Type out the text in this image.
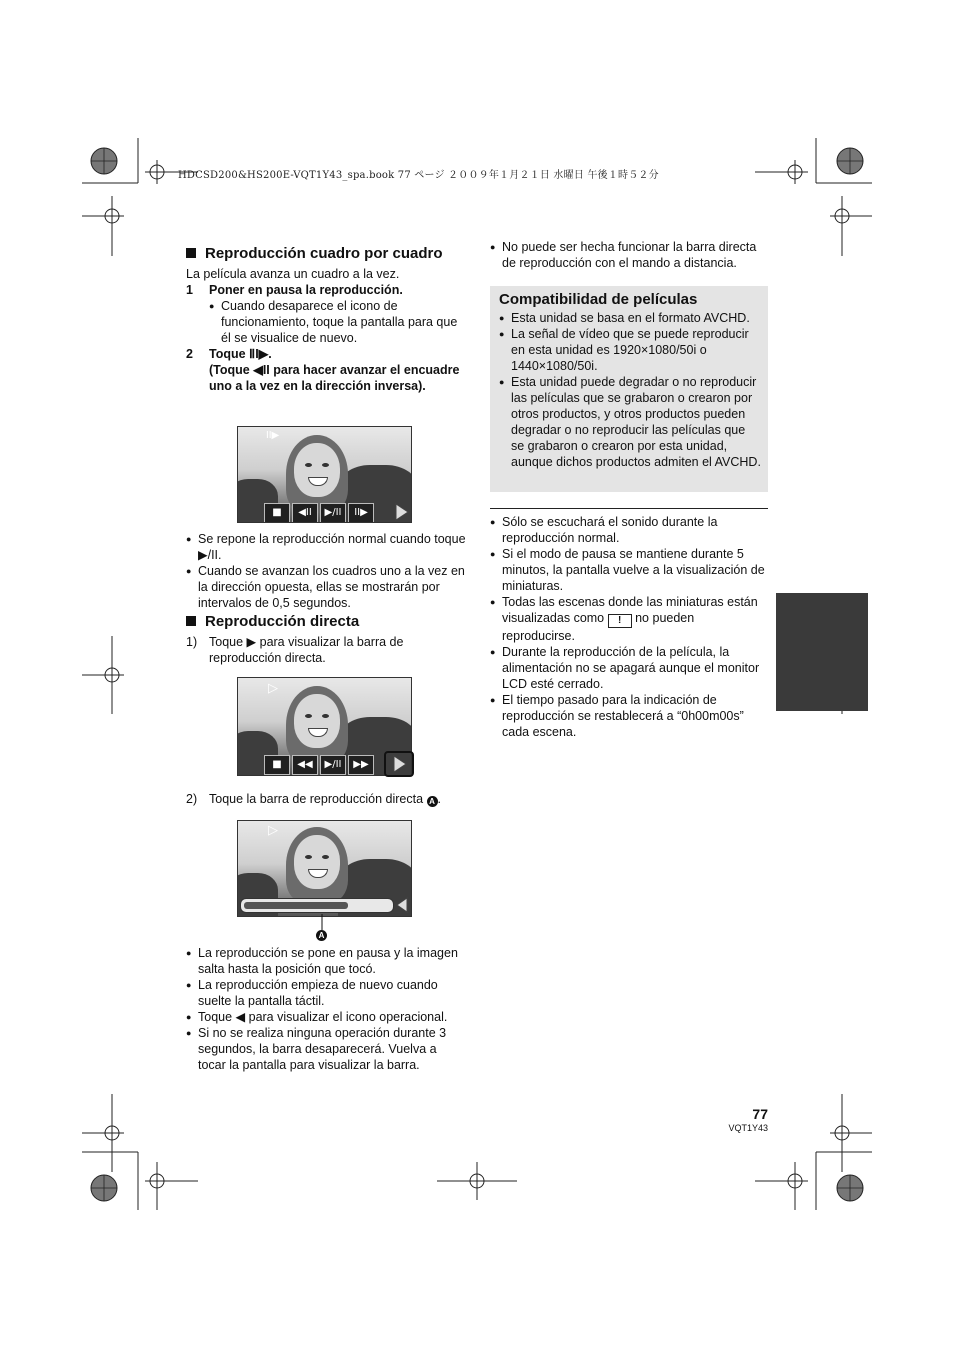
HDCSD200&HS200E-VQT1Y43_spa.book 77 ページ ２００９年１月２１日 水曜日 午後１時５２分
Reproducción cuadro por cuadro

La película avanza un cuadro a la vez.

1	Poner en pausa la reproducción.
● Cuando desaparece el icono de funcionamiento, toque la pantalla para que él se visualice de nuevo.
2	Toque ⅡI▶.
(Toque ◀II para hacer avanzar el encuadre uno a la vez en la dirección inversa).
II▶
■	◀II	▶/II	II▶
● Se repone la reproducción normal cuando toque ▶/II.
● Cuando se avanzan los cuadros uno a la vez en la dirección opuesta, ellas se mostrarán por intervalos de 0,5 segundos.
Reproducción directa
1) Toque ▶ para visualizar la barra de reproducción directa.
▷
■	◀◀	▶/II	▶▶
2) Toque la barra de reproducción directa A .
▷
A
● La reproducción se pone en pausa y la imagen salta hasta la posición que tocó.
● La reproducción empieza de nuevo cuando suelte la pantalla táctil.
● Toque ◀ para visualizar el icono operacional.
● Si no se realiza ninguna operación durante 3 segundos, la barra desaparecerá. Vuelva a tocar la pantalla para visualizar la barra.
● No puede ser hecha funcionar la barra directa de reproducción con el mando a distancia.
Compatibilidad de películas
● Esta unidad se basa en el formato AVCHD.
● La señal de vídeo que se puede reproducir en esta unidad es 1920×1080/50i o 1440×1080/50i.
● Esta unidad puede degradar o no reproducir las películas que se grabaron o crearon por otros productos, y otros productos pueden degradar o no reproducir las películas que se grabaron o crearon por esta unidad, aunque dichos productos admiten el AVCHD.
● Sólo se escuchará el sonido durante la reproducción normal.
● Si el modo de pausa se mantiene durante 5 minutos, la pantalla vuelve a la visualización de miniaturas.
● Todas las escenas donde las miniaturas están visualizadas como ! no pueden reproducirse.
● Durante la reproducción de la película, la alimentación no se apagará aunque el monitor LCD esté cerrado.
● El tiempo pasado para la indicación de reproducción se restablecerá a “0h00m00s” cada escena.
77
VQT1Y43
